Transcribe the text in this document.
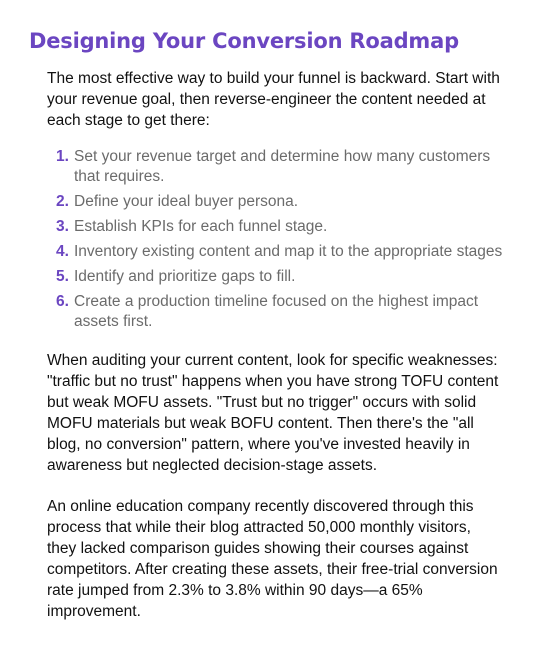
Designing Your Conversion Roadmap

The most effective way to build your funnel is backward. Start with your revenue goal, then reverse-engineer the content needed at each stage to get there:

1. Set your revenue target and determine how many customers that requires.
2. Define your ideal buyer persona.
3. Establish KPIs for each funnel stage.
4. Inventory existing content and map it to the appropriate stages
5. Identify and prioritize gaps to fill.
6. Create a production timeline focused on the highest impact assets first.

When auditing your current content, look for specific weaknesses: "traffic but no trust" happens when you have strong TOFU content but weak MOFU assets. "Trust but no trigger" occurs with solid MOFU materials but weak BOFU content. Then there's the "all blog, no conversion" pattern, where you've invested heavily in awareness but neglected decision-stage assets.

An online education company recently discovered through this process that while their blog attracted 50,000 monthly visitors, they lacked comparison guides showing their courses against competitors. After creating these assets, their free-trial conversion rate jumped from 2.3% to 3.8% within 90 days—a 65% improvement.
